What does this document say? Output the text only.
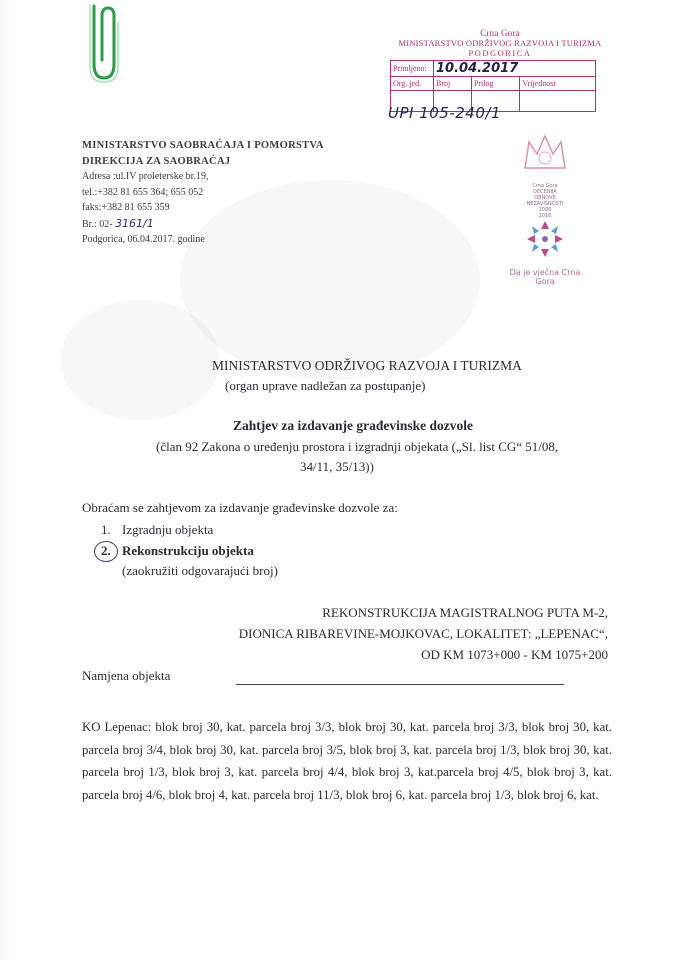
Crna Gora
MINISTARSTVO ODRŽIVOG RAZVOJA I TURIZMA
PODGORICA
Primljeno:	10.04.2017		
Org. jed.	Broj	Prilog	Vrijednost

UPI 105-240/1
MINISTARSTVO SAOBRAĆAJA I POMORSTVA
DIREKCIJA ZA SAOBRAĆAJ
Adresa :ul.IV proleterske br.19,
tel.:+382 81 655 364; 655 052
faks:+382 81 655 359
Br.: 02- 3161/1
Podgorica, 06.04.2017. godine
Crna Gora
DECENIJA
OBNOVE
NEZAVISNOSTI
2006
2016
Da je vječna Crna Gora
MINISTARSTVO ODRŽIVOG RAZVOJA I TURIZMA
(organ uprave nadležan za postupanje)
Zahtjev za izdavanje građevinske dozvole
(član 92 Zakona o uređenju prostora i izgradnji objekata („Sl. list CG“ 51/08,
34/11, 35/13))
Obraćam se zahtjevom za izdavanje građevinske dozvole za:
1. Izgradnju objekta
2. Rekonstrukciju objekta
(zaokružiti odgovarajući broj)
REKONSTRUKCIJA MAGISTRALNOG PUTA M-2,
DIONICA RIBAREVINE-MOJKOVAC, LOKALITET: „LEPENAC“,
OD KM 1073+000 - KM 1075+200
Namjena objekta
KO Lepenac: blok broj 30, kat. parcela broj 3/3, blok broj 30, kat. parcela broj 3/3, blok broj 30, kat. parcela broj 3/4, blok broj 30, kat. parcela broj 3/5, blok broj 3, kat. parcela broj 1/3, blok broj 30, kat. parcela broj 1/3, blok broj 3, kat. parcela broj 4/4, blok broj 3, kat.parcela broj 4/5, blok broj 3, kat. parcela broj 4/6, blok broj 4, kat. parcela broj 11/3, blok broj 6, kat. parcela broj 1/3, blok broj 6, kat.
